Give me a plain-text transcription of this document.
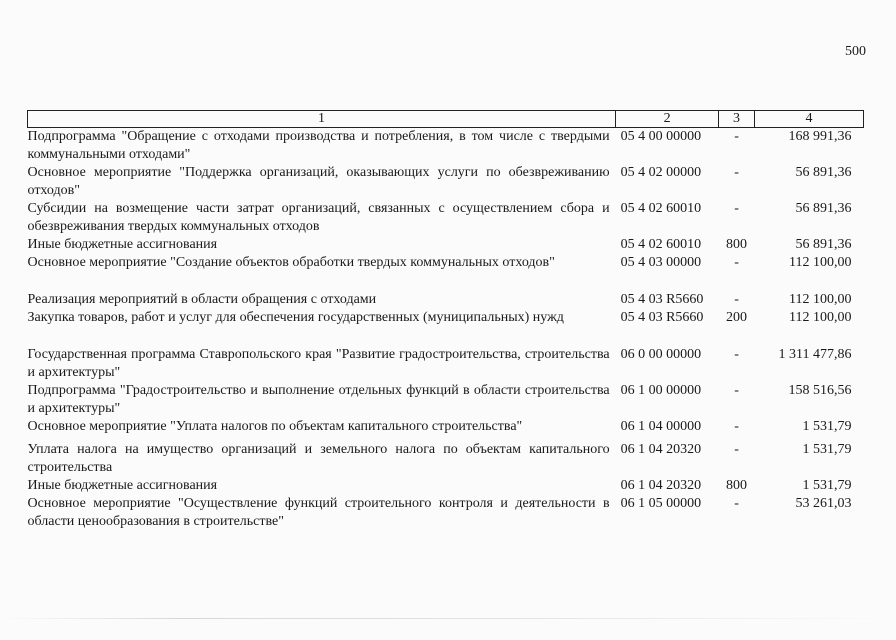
500
1	2	3	4
Подпрограмма "Обращение с отходами производства и потребления, в том числе с твердыми коммунальными отходами"	05 4 00 00000	-	168 991,36
Основное мероприятие "Поддержка организаций, оказывающих услуги по обезвреживанию отходов"	05 4 02 00000	-	56 891,36
Субсидии на возмещение части затрат организаций, связанных с осуществлением сбора и обезвреживания твердых коммунальных отходов	05 4 02 60010	-	56 891,36
Иные бюджетные ассигнования	05 4 02 60010	800	56 891,36
Основное мероприятие "Создание объектов обработки твердых коммунальных отходов"	05 4 03 00000	-	112 100,00
Реализация мероприятий в области обращения с отходами	05 4 03 R5660	-	112 100,00
Закупка товаров, работ и услуг для обеспечения государственных (муниципальных) нужд	05 4 03 R5660	200	112 100,00
Государственная программа Ставропольского края "Развитие градостроительства, строительства и архитектуры"	06 0 00 00000	-	1 311 477,86
Подпрограмма "Градостроительство и выполнение отдельных функций в области строительства и архитектуры"	06 1 00 00000	-	158 516,56
Основное мероприятие "Уплата налогов по объектам капитального строительства"	06 1 04 00000	-	1 531,79
Уплата налога на имущество организаций и земельного налога по объектам капитального строительства	06 1 04 20320	-	1 531,79
Иные бюджетные ассигнования	06 1 04 20320	800	1 531,79
Основное мероприятие "Осуществление функций строительного контроля и деятельности в области ценообразования в строительстве"	06 1 05 00000	-	53 261,03
